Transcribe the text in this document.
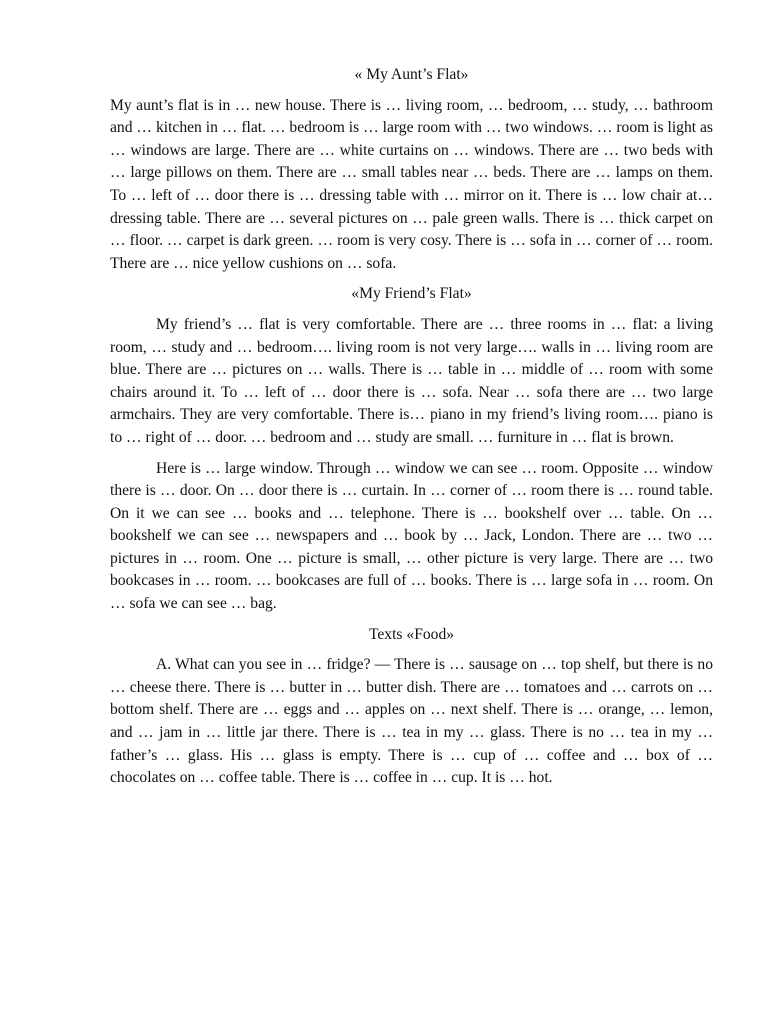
« My Aunt’s Flat»

My aunt’s flat is in … new house. There is … living room, … bedroom, … study, … bathroom and … kitchen in … flat. … bedroom is … large room with … two windows. … room is light as … windows are large. There are … white curtains on … windows. There are … two beds with … large pillows on them. There are … small tables near … beds. There are … lamps on them. To … left of … door there is … dressing table with … mirror on it. There is … low chair at… dressing table. There are … several pictures on … pale green walls. There is … thick carpet on … floor. … carpet is dark green. … room is very cosy. There is … sofa in … corner of … room. There are … nice yellow cushions on … sofa.

«My Friend’s Flat»

My friend’s … flat is very comfortable. There are … three rooms in … flat: a living room, … study and … bedroom…. living room is not very large…. walls in … living room are blue. There are … pictures on … walls. There is … table in … middle of … room with some chairs around it. To … left of … door there is … sofa. Near … sofa there are … two large armchairs. They are very comfortable. There is… piano in my friend’s living room…. piano is to … right of … door. … bedroom and … study are small. … furniture in … flat is brown.

Here is … large window. Through … window we can see … room. Opposite … window there is … door. On … door there is … curtain. In … corner of … room there is … round table. On it we can see … books and … telephone. There is … bookshelf over … table. On … bookshelf we can see … newspapers and … book by … Jack, London. There are … two … pictures in … room. One … picture is small, … other picture is very large. There are … two bookcases in … room. … bookcases are full of … books. There is … large sofa in … room. On … sofa we can see … bag.

Texts «Food»

A. What can you see in … fridge? — There is … sausage on … top shelf, but there is no … cheese there. There is … butter in … butter dish. There are … tomatoes and … carrots on … bottom shelf. There are … eggs and … apples on … next shelf. There is … orange, … lemon, and … jam in … little jar there. There is … tea in my … glass. There is no … tea in my … father’s … glass. His … glass is empty. There is … cup of … coffee and … box of … chocolates on … coffee table. There is … coffee in … cup. It is … hot.
